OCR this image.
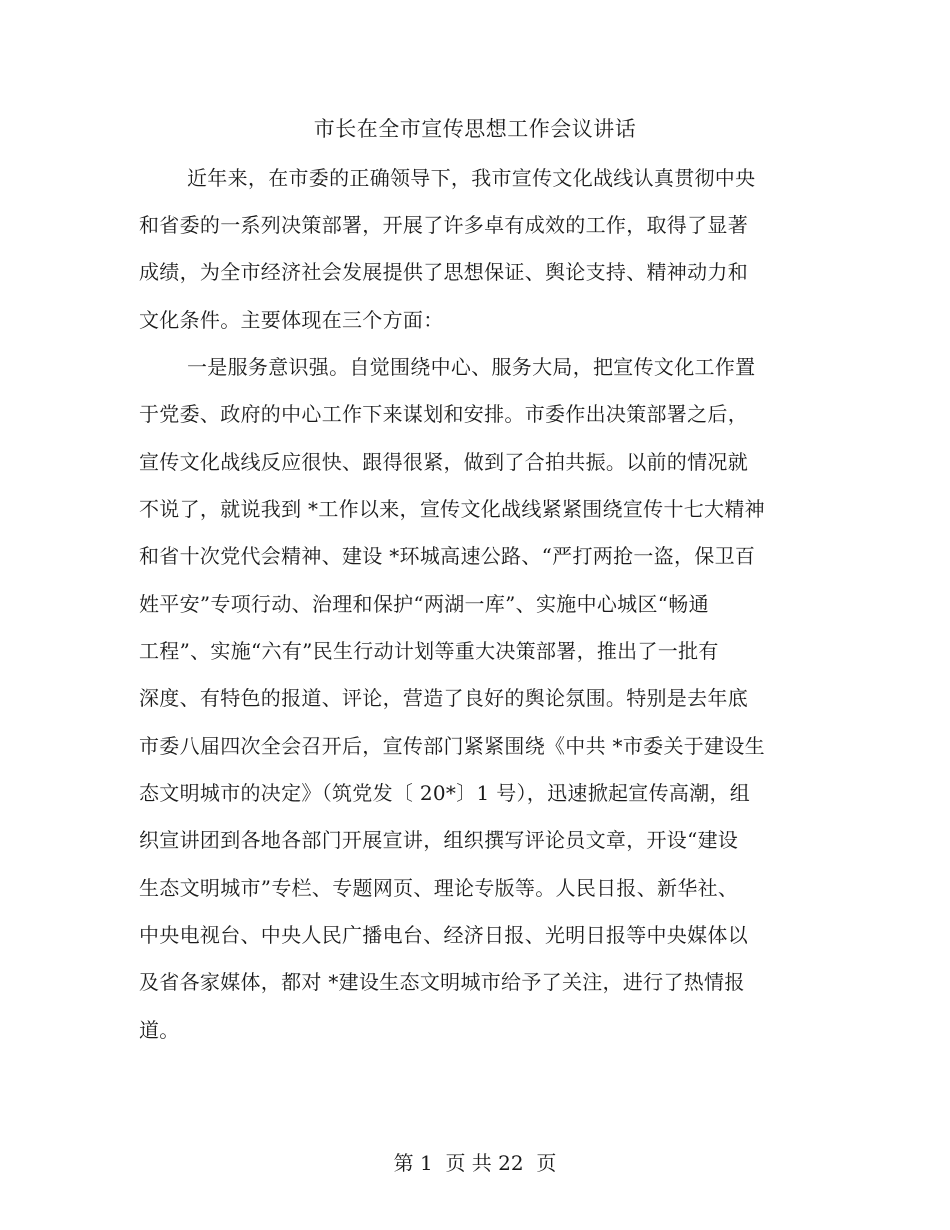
市长在全市宣传思想工作会议讲话
近年来，在市委的正确领导下，我市宣传文化战线认真贯彻中央
和省委的一系列决策部署，开展了许多卓有成效的工作，取得了显著
成绩，为全市经济社会发展提供了思想保证、舆论支持、精神动力和
文化条件。主要体现在三个方面：
一是服务意识强。自觉围绕中心、服务大局，把宣传文化工作置
于党委、政府的中心工作下来谋划和安排。市委作出决策部署之后，
宣传文化战线反应很快、跟得很紧，做到了合拍共振。以前的情况就
不说了，就说我到 *工作以来，宣传文化战线紧紧围绕宣传十七大精神
和省十次党代会精神、建设 *环城高速公路、“严打两抢一盗，保卫百
姓平安”专项行动、治理和保护“两湖一库”、实施中心城区“畅通
工程”、实施“六有”民生行动计划等重大决策部署，推出了一批有
深度、有特色的报道、评论，营造了良好的舆论氛围。特别是去年底
市委八届四次全会召开后，宣传部门紧紧围绕《中共 *市委关于建设生
态文明城市的决定》（筑党发〔 20*〕1 号），迅速掀起宣传高潮，组
织宣讲团到各地各部门开展宣讲，组织撰写评论员文章，开设“建设
生态文明城市”专栏、专题网页、理论专版等。人民日报、新华社、
中央电视台、中央人民广播电台、经济日报、光明日报等中央媒体以
及省各家媒体，都对 *建设生态文明城市给予了关注，进行了热情报
道。
第 1  页 共 22  页
